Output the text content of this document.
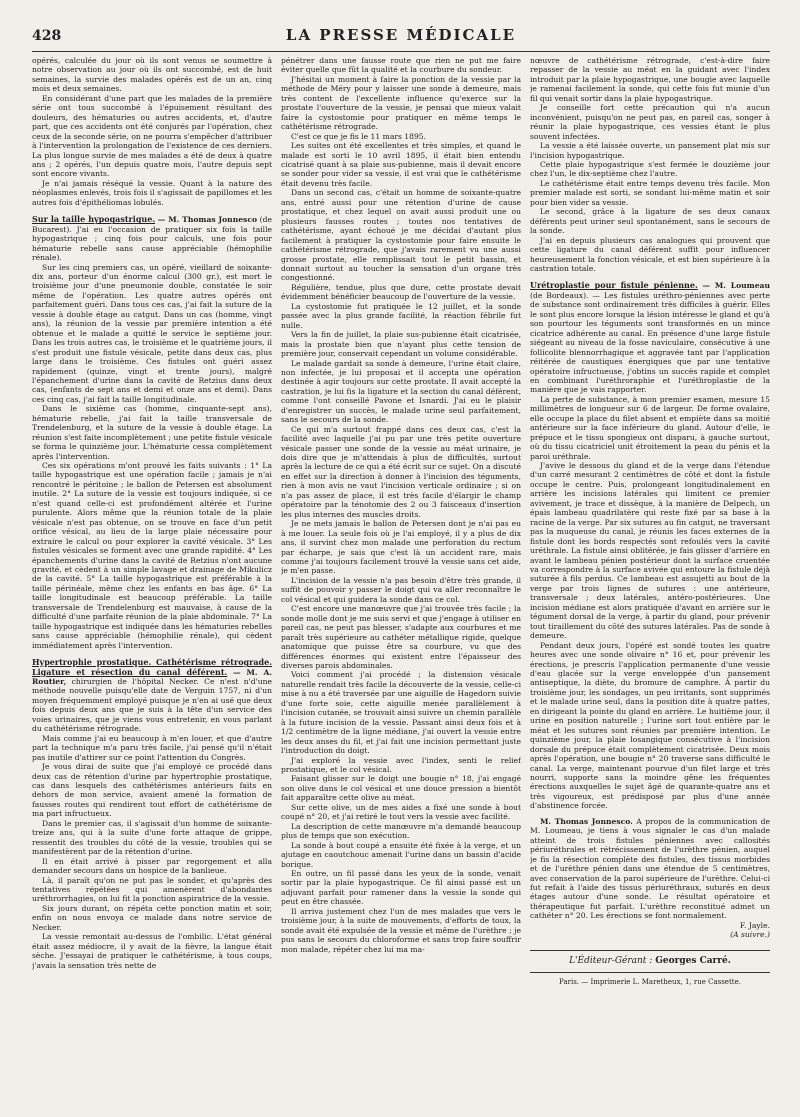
428	LA PRESSE MÉDICALE

opérés, calculée du jour où ils sont venus se soumettre à notre observation au jour où ils ont succombé, est de huit semaines, la survie des malades opérés est de un an, cinq mois et deux semaines.

En considérant d'une part que les malades de la première série ont tous succombé à l'épuisement résultant des douleurs, des hématuries ou autres accidents, et, d'autre part, que ces accidents ont été conjurés par l'opération, chez ceux de la seconde série, on ne pourra s'empêcher d'attribuer à l'intervention la prolongation de l'existence de ces derniers. La plus longue survie de mes malades a été de deux à quatre ans ; 2 opérés, l'un depuis quatre mois, l'autre depuis sept sont encore vivants.

Je n'ai jamais réséqué la vessie. Quant à la nature des néoplasmes enlevés, trois fois il s'agissait de papillomes et les autres fois d'épithéliomas lobulés.

Sur la taille hypogastrique. — M. Thomas Jonnesco (de Bucarest). J'ai eu l'occasion de pratiquer six fois la taille hypogastrique ; cinq fois pour calculs, une fois pour hématurie rebelle sans cause appréciable (hémophilie rénale).

Sur les cinq premiers cas, un opéré, vieillard de soixante-dix ans, porteur d'un énorme calcul (300 gr.), est mort le troisième jour d'une pneumonie double, constatée le soir même de l'opération. Les quatre autres opérés ont parfaitement guéri. Dans tous ces cas, j'ai fait la suture de la vessie à double étage au catgut. Dans un cas (homme, vingt ans), la réunion de la vessie par première intention a été obtenue et le malade a quitté le service le septième jour. Dans les trois autres cas, le troisième et le quatrième jours, il s'est produit une fistule vésicale, petite dans deux cas, plus large dans le troisième. Ces fistules ont guéri assez rapidement (quinze, vingt et trente jours), malgré l'épanchement d'urine dans la cavité de Retzius dans deux cas, (enfants de sept ans et demi et onze ans et demi). Dans ces cinq cas, j'ai fait la taille longitudinale.

Dans le sixième cas (homme, cinquante-sept ans), hématurie rebelle, j'ai fait la taille transversale de Trendelenburg, et la suture de la vessie à double étage. La réunion s'est faite incomplètement ; une petite fistule vésicale se forma le quinzième jour. L'hématurie cessa complètement après l'intervention.

Ces six opérations m'ont prouvé les faits suivants : 1° La taille hypogastrique est une opération facile ; jamais je n'ai rencontré le péritoine ; le ballon de Petersen est absolument inutile. 2° La suture de la vessie est toujours indiquée, si ce n'est quand celle-ci est profondément altérée et l'urine purulente. Alors même que la réunion totale de la plaie vésicale n'est pas obtenue, on se trouve en face d'un petit orifice vésical, au lieu de la large plaie nécessaire pour extraire le calcul ou pour explorer la cavité vésicale. 3° Les fistules vésicales se forment avec une grande rapidité. 4° Les épanchements d'urine dans la cavité de Retzius n'ont aucune gravité, et cèdent à un simple lavage et drainage de Mikulicz de la cavité. 5° La taille hypogastrique est préférable à la taille périnéale, même chez les enfants en bas âge. 6° La taille longitudinale est beaucoup préférable. La taille transversale de Trendelenburg est mauvaise, à cause de la difficulté d'une parfaite réunion de la plaie abdominale. 7° La taille hypogastrique est indiquée dans les hématuries rebelles sans cause appréciable (hémophilie rénale), qui cèdent immédiatement après l'intervention.

Hypertrophie prostatique. Cathétérisme rétrograde. Ligature et résection du canal déférent. — M. A. Routier, chirurgien de l'hôpital Necker. Ce n'est n'd'une méthode nouvelle puisqu'elle date de Verguin 1757, ni d'un moyen fréquemment employé puisque je n'en ai usé que deux fois depuis deux ans que je suis à la tête d'un service des voies urinaires, que je viens vous entretenir, en vous parlant du cathétérisme rétrograde.

Mais comme j'ai eu beaucoup à m'en louer, et que d'autre part la technique m'a paru très facile, j'ai pensé qu'il n'était pas inutile d'attirer sur ce point l'attention du Congrès.

Je vous dirai de suite que j'ai employé ce procédé dans deux cas de rétention d'urine par hypertrophie prostatique, cas dans lesquels des cathétérismes antérieurs faits en dehors de mon service, avaient amené la formation de fausses routes qui rendirent tout effort de cathétérisme de ma part infructueux.

Dans le premier cas, il s'agissait d'un homme de soixante-treize ans, qui à la suite d'une forte attaque de grippe, ressentit des troubles du côté de la vessie, troubles qui se manifestèrent par de la rétention d'urine.

Il en était arrivé à pisser par regorgement et alla demander secours dans un hospice de la banlieue.

Là, il paraît qu'on ne put pas le sonder, et qu'après des tentatives répétées qui amenèrent d'abondantes uréthrorrhagies, on lui fit la ponction aspiratrice de la vessie.

Six jours durant, on répéta cette ponction matin et soir, enfin on nous envoya ce malade dans notre service de Necker.

La vessie remontait au-dessus de l'ombilic. L'état général était assez médiocre, il y avait de la fièvre, la langue était sèche. J'essayai de pratiquer le cathétérisme, à tous coups, j'avais la sensation très nette de

pénétrer dans une fausse route que rien ne put me faire éviter quelle que fût la qualité et la courbure du sondeur.

J'hésitai un moment à faire la ponction de la vessie par la méthode de Méry pour y laisser une sonde à demeure, mais très content de l'excellente influence qu'exerce sur la prostate l'ouverture de la vessie, je pensai que mieux valait faire la cystostomie pour pratiquer en même temps le cathétérisme rétrograde.

C'est ce que je fis le 11 mars 1895.

Les suites ont été excellentes et très simples, et quand le malade est sorti le 10 avril 1895, il était bien entendu cicatrisé quant à sa plaie sus-pubienne, mais il devait encore se sonder pour vider sa vessie, il est vrai que le cathétérisme était devenu très facile.

Dans un second cas, c'était un homme de soixante-quatre ans, entré aussi pour une rétention d'urine de cause prostatique, et chez lequel on avait aussi produit une ou plusieurs fausses routes ; toutes nos tentatives de cathétérisme, ayant échoué je me décidai d'autant plus facilement à pratiquer la cystostomie pour faire ensuite le cathétérisme rétrograde, que j'avais rarement vu une aussi grosse prostate, elle remplissait tout le petit bassin, et donnait surtout au toucher la sensation d'un organe très congestionné.

Régulière, tendue, plus que dure, cette prostate devait évidemment bénéficier beaucoup de l'ouverture de la vessie.

La cystostomie fut pratiquée le 12 juillet, et la sonde passée avec la plus grande facilité, la réaction fébrile fut nulle.

Vers la fin de juillet, la plaie sus-pubienne était cicatrisée, mais la prostate bien que n'ayant plus cette tension de première jour, conservait cependant un volume considérable.

Le malade gardait sa sonde à demeure, l'urine était claire, non infectée, je lui proposai et il accepta une opération destinée à agir toujours sur cette prostate. Il avait accepté la castration, je lui fis la ligature et la section du canal déférent, comme l'ont conseillé Pavone et Isnardi. J'ai eu le plaisir d'enregistrer un succès, le malade urine seul parfaitement, sans le secours de la sonde.

Ce qui m'a surtout frappé dans ces deux cas, c'est la facilité avec laquelle j'ai pu par une très petite ouverture vésicale passer une sonde de la vessie au méat urinaire, je dois dire que je m'attendais à plus de difficultés, surtout après la lecture de ce qui a été écrit sur ce sujet. On a discuté en effet sur la direction à donner à l'incision des téguments, rien à mon avis ne vaut l'incision verticale ordinaire ; si on n'a pas assez de place, il est très facile d'élargir le champ opératoire par la ténotomie des 2 ou 3 faisceaux d'insertion les plus internes des muscles droits.

Je ne mets jamais le ballon de Petersen dont je n'ai pas eu à me louer. La seule fois où je l'ai employé, il y a plus de dix ans, il survint chez mon malade une perforation du rectum par écharpe, je sais que c'est là un accident rare, mais comme j'ai toujours facilement trouvé la vessie sans cet aide, je m'en passe.

L'incision de la vessie n'a pas besoin d'être très grande, il suffit de pouvoir y passer le doigt qui va aller reconnaître le col vésical et qui guidera la sonde dans ce col.

C'est encore une manœuvre que j'ai trouvée très facile ; la sonde molle dont je me suis servi et que j'engage à utiliser en pareil cas, ne peut pas blesser, s'adapte aux courbures et me paraît très supérieure au cathéter métallique rigide, quelque anatomique que puisse être sa courbure, vu que des différences énormes qui existent entre l'épaisseur des diverses parois abdominales.

Voici comment j'ai procédé ; la distension vésicale naturelle rendait très facile la découverte de la vessie, celle-ci mise à nu a été traversée par une aiguille de Hagedorn suivie d'une forte soie, cette aiguille menée parallèlement à l'incision cutanée, se trouvait ainsi suivre un chemin parallèle à la future incision de la vessie. Passant ainsi deux fois et à 1/2 centimètre de la ligne médiane, j'ai ouvert la vessie entre les deux anses du fil, et j'ai fait une incision permettant juste l'introduction du doigt.

J'ai exploré la vessie avec l'index, senti le relief prostatique, et le col vésical.

Faisant glisser sur le doigt une bougie n° 18, j'ai engagé son olive dans le col vésical et une douce pression a bientôt fait apparaître cette olive au méat.

Sur cette olive, un de mes aides a fixé une sonde à bout coupé n° 20, et j'ai retiré le tout vers la vessie avec facilité.

La description de cette manœuvre m'a demandé beaucoup plus de temps que son exécution.

La sonde à bout coupé a ensuite été fixée à la verge, et un ajutage en caoutchouc amenait l'urine dans un bassin d'acide borique.

En outre, un fil passé dans les yeux de la sonde, venait sortir par la plaie hypogastrique. Ce fil ainsi passé est un adjuvant parfait pour ramener dans la vessie la sonde qui peut en être chassée.

Il arriva justement chez l'un de mes malades que vers le troisième jour, à la suite de mouvements, d'efforts de toux, la sonde avait été expulsée de la vessie et même de l'urèthre ; je pus sans le secours du chloroforme et sans trop faire souffrir mon malade, répéter chez lui ma ma-

nœuvre de cathétérisme rétrograde, c'est-à-dire faire repasser de la vessie au méat en la guidant avec l'index introduit par la plaie hypogastrique, une bougie avec laquelle je ramenai facilement la sonde, qui cette fois fut munie d'un fil qui venait sortir dans la plaie hypogastrique.

Je conseille fort cette précaution qui n'a aucun inconvénient, puisqu'on ne peut pas, en pareil cas, songer à réunir la plaie hypogastrique, ces vessies étant le plus souvent infectées.

La vessie a été laissée ouverte, un pansement plat mis sur l'incision hypogastrique.

Cette plaie hypogastrique s'est fermée le douzième jour chez l'un, le dix-septième chez l'autre.

Le cathétérisme était entre temps devenu très facile. Mon premier malade est sorti, se sondant lui-même matin et soir pour bien vider sa vessie.

Le second, grâce à la ligature de ses deux canaux déférents peut uriner seul spontanément, sans le secours de la sonde.

J'ai en depuis plusieurs cas analogues qui prouvent que cette ligature du canal déférent suffit pour influencer heureusement la fonction vésicale, et est bien supérieure à la castration totale.

Urétroplastie pour fistule pénienne. — M. Loumeau (de Bordeaux). — Les fistules uréthro-péniennes avec perte de substance sont ordinairement très difficiles à guérir. Elles le sont plus encore lorsque la lésion intéresse le gland et qu'à son pourtour les téguments sont transformés en un mince cicatrice adhérente au canal. En présence d'une large fistule siégeant au niveau de la fosse naviculaire, consécutive à une follicolite blennorrhagique et aggravée tant par l'application réitérée de caustiques énergiques que par une tentative opératoire infructueuse, j'obtins un succès rapide et complet en combinant l'uréthroraphie et l'uréthroplastie de la manière que je vais rapporter.

La perte de substance, à mon premier examen, mesure 15 millimètres de longueur sur 6 de largeur. De forme ovalaire, elle occupe la place du filet absent et empiète dans sa moitié antérieure sur la face inférieure du gland. Autour d'elle, le prépuce et le tissu spongieux ont disparu, à gauche surtout, où du tissu cicatriciel unit étroitement la peau du pénis et la paroi uréthrale.

J'avive le dessous du gland et de la verge dans l'étendue d'un carré mesurant 2 centimètres de côté et dont la fistule occupe le centre. Puis, prolongeant longitudinalement en arrière les incisions latérales qui limitent ce premier avivement, je trace et dissèque, à la manière de Delpech, un épais lambeau quadrilatère qui reste fixé par sa base à la racine de la verge. Par six sutures au fin catgut, ne traversant pas la muqueuse du canal, je réunis les faces externes de la fistule dont les bords respectés sont refoulés vers la cavité uréthrale. La fistule ainsi oblitérée, je fais glisser d'arrière en avant le lambeau pénien postérieur dont la surface cruentée va correspondre à la surface avivée qui entoure la fistule déjà suturée à fils perdus. Ce lambeau est assujetti au bout de la verge par trois lignes de sutures : une antérieure, transversale ; deux latérales, antéro-postérieures. Une incision médiane est alors pratiquée d'avant en arrière sur le tégument dorsal de la verge, à partir du gland, pour prévenir tout tiraillement du côté des sutures latérales. Pas de sonde à demeure.

Pendant deux jours, l'opéré est sondé toutes les quatre heures avec une sonde olivaire n° 16 et, pour prévenir les érections, je prescris l'application permanente d'une vessie d'eau glacée sur la verge enveloppée d'un pansement antiseptique, la diète, du bromure de camphre. À partir du troisième jour, les sondages, un peu irritants, sont supprimés et le malade urine seul, dans la position dite à quatre pattes, en dirigeant la pointe du gland en arrière. Le huitième jour, il urine en position naturelle ; l'urine sort tout entière par le méat et les sutures sont réunies par première intention. Le quinzième jour, la plaie losangique consécutive à l'incision dorsale du prépuce était complètement cicatrisée. Deux mois après l'opération, une bougie n° 20 traverse sans difficulté le canal. La verge, maintenant pourvue d'un filet large et très nourri, supporte sans la moindre gêne les fréquentes érections auxquelles le sujet âgé de quarante-quatre ans et très vigoureux, est prédisposé par plus d'une année d'abstinence forcée.

M. Thomas Jonnesco. A propos de la communication de M. Loumeau, je tiens à vous signaler le cas d'un malade atteint de trois fistules péniennes avec callosités périuréthrales et rétrécissement de l'urèthre pénien, auquel je fis la résection complète des fistules, des tissus morbides et de l'urèthre pénien dans une étendue de 5 centimètres, avec conservation de la paroi supérieure de l'urèthre. Celui-ci fut refait à l'aide des tissus périuréthraux, suturés en deux étages autour d'une sonde. Le résultat opératoire et thérapeutique fut parfait. L'urèthre reconstitué admet un cathéter n° 20. Les érections se font normalement.

F. Jayle.

(A suivre.)

L'Éditeur-Gérant : Georges Carré.
Paris. — Imprimerie L. Maretheux, 1, rue Cassette.
